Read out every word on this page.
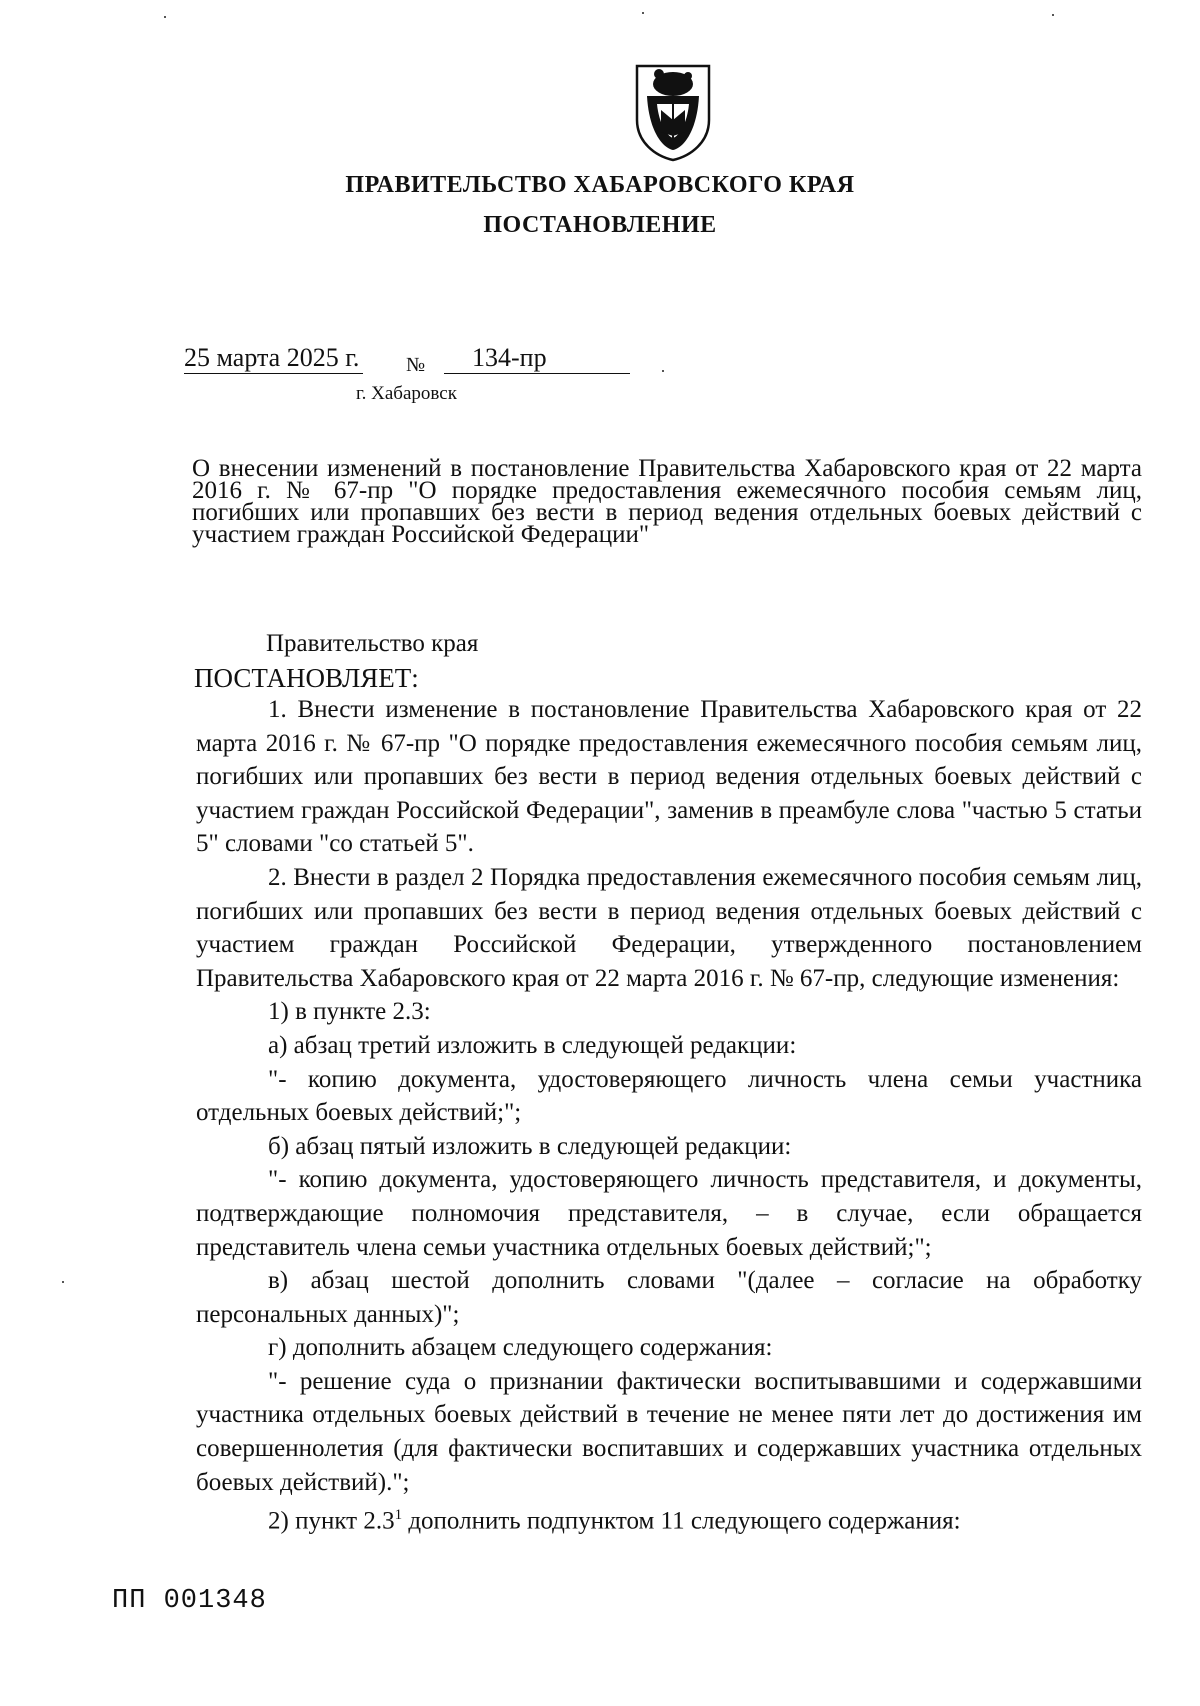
ПРАВИТЕЛЬСТВО ХАБАРОВСКОГО КРАЯ
ПОСТАНОВЛЕНИЕ
25 марта 2025 г. №	134-пр
г. Хабаровск
О внесении изменений в постановление Правительства Хабаровского края от 22 марта 2016 г. № 67-пр "О порядке предоставления ежемесячного пособия семьям лиц, погибших или пропавших без вести в период ведения отдельных боевых действий с участием граждан Российской Федерации"
Правительство края
ПОСТАНОВЛЯЕТ:

1. Внести изменение в постановление Правительства Хабаровского края от 22 марта 2016 г. № 67-пр "О порядке предоставления ежемесячного пособия семьям лиц, погибших или пропавших без вести в период ведения отдельных боевых действий с участием граждан Российской Федерации", заменив в преамбуле слова "частью 5 статьи 5" словами "со статьей 5".

2. Внести в раздел 2 Порядка предоставления ежемесячного пособия семьям лиц, погибших или пропавших без вести в период ведения отдельных боевых действий с участием граждан Российской Федерации, утвержденного постановлением Правительства Хабаровского края от 22 марта 2016 г. № 67-пр, следующие изменения:

1) в пункте 2.3:

а) абзац третий изложить в следующей редакции:

"- копию документа, удостоверяющего личность члена семьи участника отдельных боевых действий;";

б) абзац пятый изложить в следующей редакции:

"- копию документа, удостоверяющего личность представителя, и документы, подтверждающие полномочия представителя, – в случае, если обращается представитель члена семьи участника отдельных боевых действий;";

в) абзац шестой дополнить словами "(далее – согласие на обработку персональных данных)";

г) дополнить абзацем следующего содержания:

"- решение суда о признании фактически воспитывавшими и содержавшими участника отдельных боевых действий в течение не менее пяти лет до достижения им совершеннолетия (для фактически воспитавших и содержавших участника отдельных боевых действий).";

2) пункт $2.3^1$ дополнить подпунктом 11 следующего содержания:

ПП 001348
